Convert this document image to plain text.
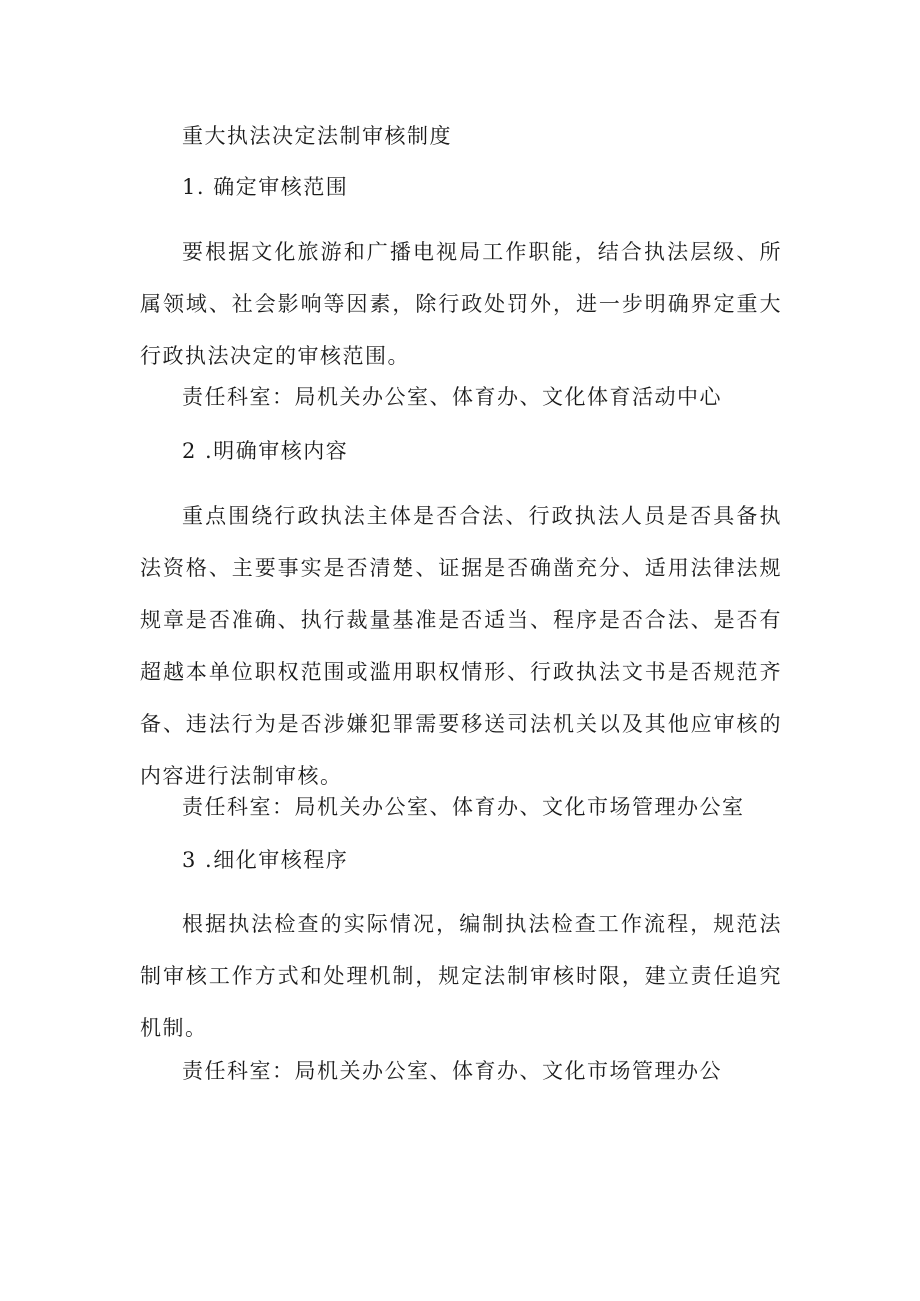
重大执法决定法制审核制度
1. 确定审核范围

要根据文化旅游和广播电视局工作职能，结合执法层级、所属领域、社会影响等因素，除行政处罚外，进一步明确界定重大行政执法决定的审核范围。

责任科室：局机关办公室、体育办、文化体育活动中心
2 .明确审核内容

重点围绕行政执法主体是否合法、行政执法人员是否具备执法资格、主要事实是否清楚、证据是否确凿充分、适用法律法规规章是否准确、执行裁量基准是否适当、程序是否合法、是否有超越本单位职权范围或滥用职权情形、行政执法文书是否规范齐备、违法行为是否涉嫌犯罪需要移送司法机关以及其他应审核的内容进行法制审核。

责任科室：局机关办公室、体育办、文化市场管理办公室
3 .细化审核程序

根据执法检查的实际情况，编制执法检查工作流程，规范法制审核工作方式和处理机制，规定法制审核时限，建立责任追究机制。

责任科室：局机关办公室、体育办、文化市场管理办公
